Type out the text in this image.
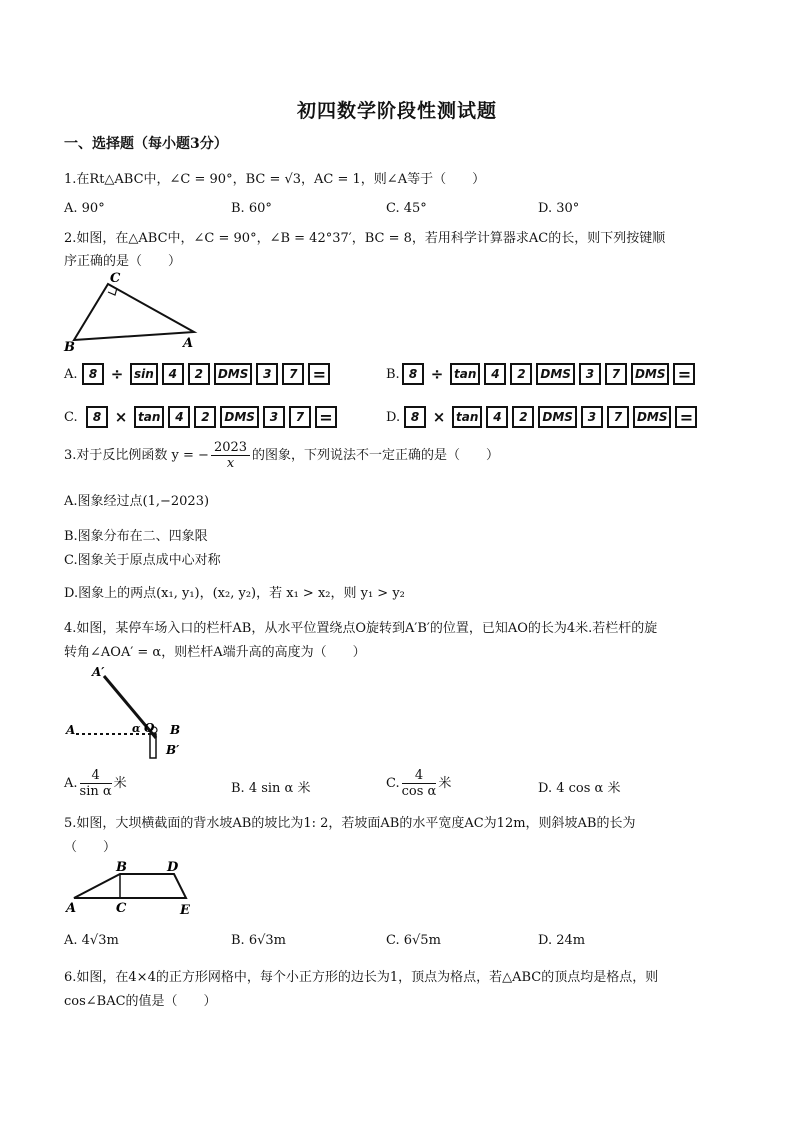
初四数学阶段性测试题
一、选择题（每小题3分）
1.在Rt△ABC中，∠C = 90°，BC = √3，AC = 1，则∠A等于（　　）
A. 90°	B. 60°	C. 45°	D. 30°
2.如图，在△ABC中，∠C = 90°，∠B = 42°37′，BC = 8，若用科学计算器求AC的长，则下列按键顺
序正确的是（　　）
C
B	A
A. 8 ÷ sin	4	2	DMS	3	7 =	B. 8 ÷ tan	4	2	DMS	3	7	DMS =
C.	8 × tan	4	2	DMS	3	7 =	D. 8 × tan	4	2	DMS	3	7	DMS =
3.对于反比例函数 y = − $\frac{2023}{x}$ 的图象，下列说法不一定正确的是（　　）
A.图象经过点(1,−2023)
B.图象分布在二、四象限
C.图象关于原点成中心对称
D.图象上的两点(x₁, y₁)，(x₂, y₂)，若 x₁ > x₂，则 y₁ > y₂
4.如图，某停车场入口的栏杆AB，从水平位置绕点O旋转到A′B′的位置，已知AO的长为4米.若栏杆的旋
转角∠AOA′ = α，则栏杆A端升高的高度为（　　）
A′
A	α O B
B′
A. $\frac{4}{\text{sin α}}$ 米	B. 4 sin α 米	C. $\frac{4}{\text{cos α}}$ 米	D. 4 cos α 米
5.如图，大坝横截面的背水坡AB的坡比为1: 2，若坡面AB的水平宽度AC为12m，则斜坡AB的长为
（　　）
B	D
A	C	E
A. 4√3m	B. 6√3m	C. 6√5m	D. 24m
6.如图，在4×4的正方形网格中，每个小正方形的边长为1，顶点为格点，若△ABC的顶点均是格点，则
cos∠BAC的值是（　　）
